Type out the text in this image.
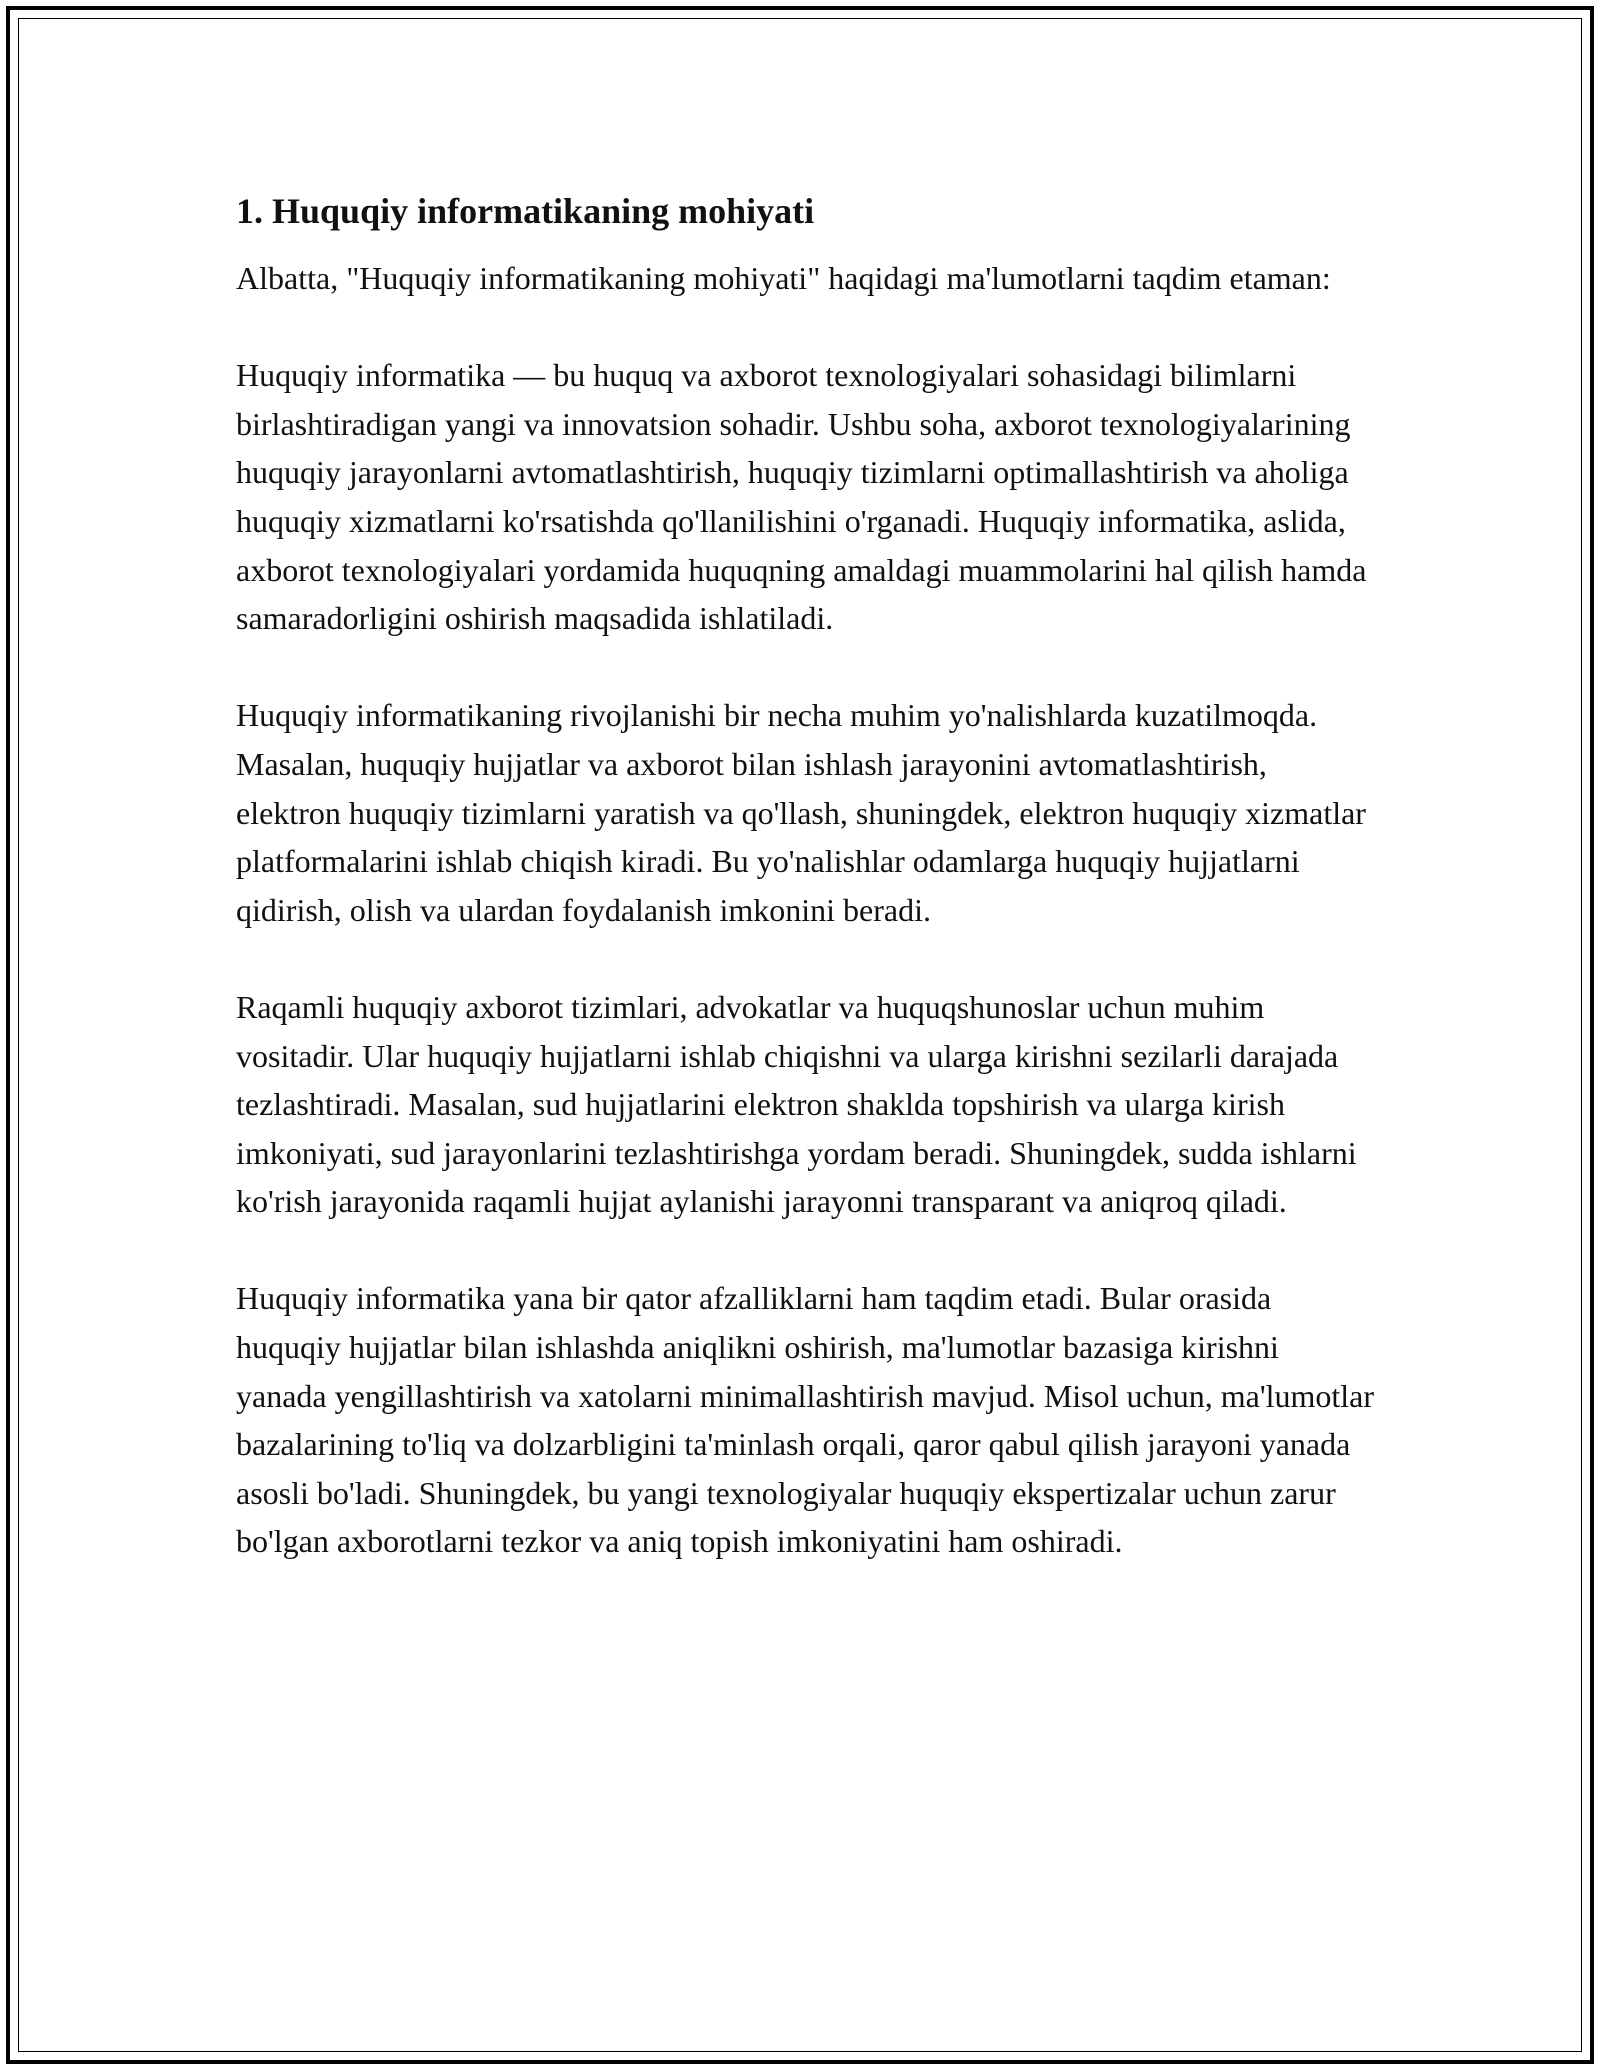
1. Huquqiy informatikaning mohiyati

Albatta, "Huquqiy informatikaning mohiyati" haqidagi ma'lumotlarni taqdim etaman:

Huquqiy informatika — bu huquq va axborot texnologiyalari sohasidagi bilimlarni birlashtiradigan yangi va innovatsion sohadir. Ushbu soha, axborot texnologiyalarining huquqiy jarayonlarni avtomatlashtirish, huquqiy tizimlarni optimallashtirish va aholiga huquqiy xizmatlarni ko'rsatishda qo'llanilishini o'rganadi. Huquqiy informatika, aslida, axborot texnologiyalari yordamida huquqning amaldagi muammolarini hal qilish hamda samaradorligini oshirish maqsadida ishlatiladi.

Huquqiy informatikaning rivojlanishi bir necha muhim yo'nalishlarda kuzatilmoqda. Masalan, huquqiy hujjatlar va axborot bilan ishlash jarayonini avtomatlashtirish, elektron huquqiy tizimlarni yaratish va qo'llash, shuningdek, elektron huquqiy xizmatlar platformalarini ishlab chiqish kiradi. Bu yo'nalishlar odamlarga huquqiy hujjatlarni qidirish, olish va ulardan foydalanish imkonini beradi.

Raqamli huquqiy axborot tizimlari, advokatlar va huquqshunoslar uchun muhim vositadir. Ular huquqiy hujjatlarni ishlab chiqishni va ularga kirishni sezilarli darajada tezlashtiradi. Masalan, sud hujjatlarini elektron shaklda topshirish va ularga kirish imkoniyati, sud jarayonlarini tezlashtirishga yordam beradi. Shuningdek, sudda ishlarni ko'rish jarayonida raqamli hujjat aylanishi jarayonni transparant va aniqroq qiladi.

Huquqiy informatika yana bir qator afzalliklarni ham taqdim etadi. Bular orasida huquqiy hujjatlar bilan ishlashda aniqlikni oshirish, ma'lumotlar bazasiga kirishni yanada yengillashtirish va xatolarni minimallashtirish mavjud. Misol uchun, ma'lumotlar bazalarining to'liq va dolzarbligini ta'minlash orqali, qaror qabul qilish jarayoni yanada asosli bo'ladi. Shuningdek, bu yangi texnologiyalar huquqiy ekspertizalar uchun zarur bo'lgan axborotlarni tezkor va aniq topish imkoniyatini ham oshiradi.
